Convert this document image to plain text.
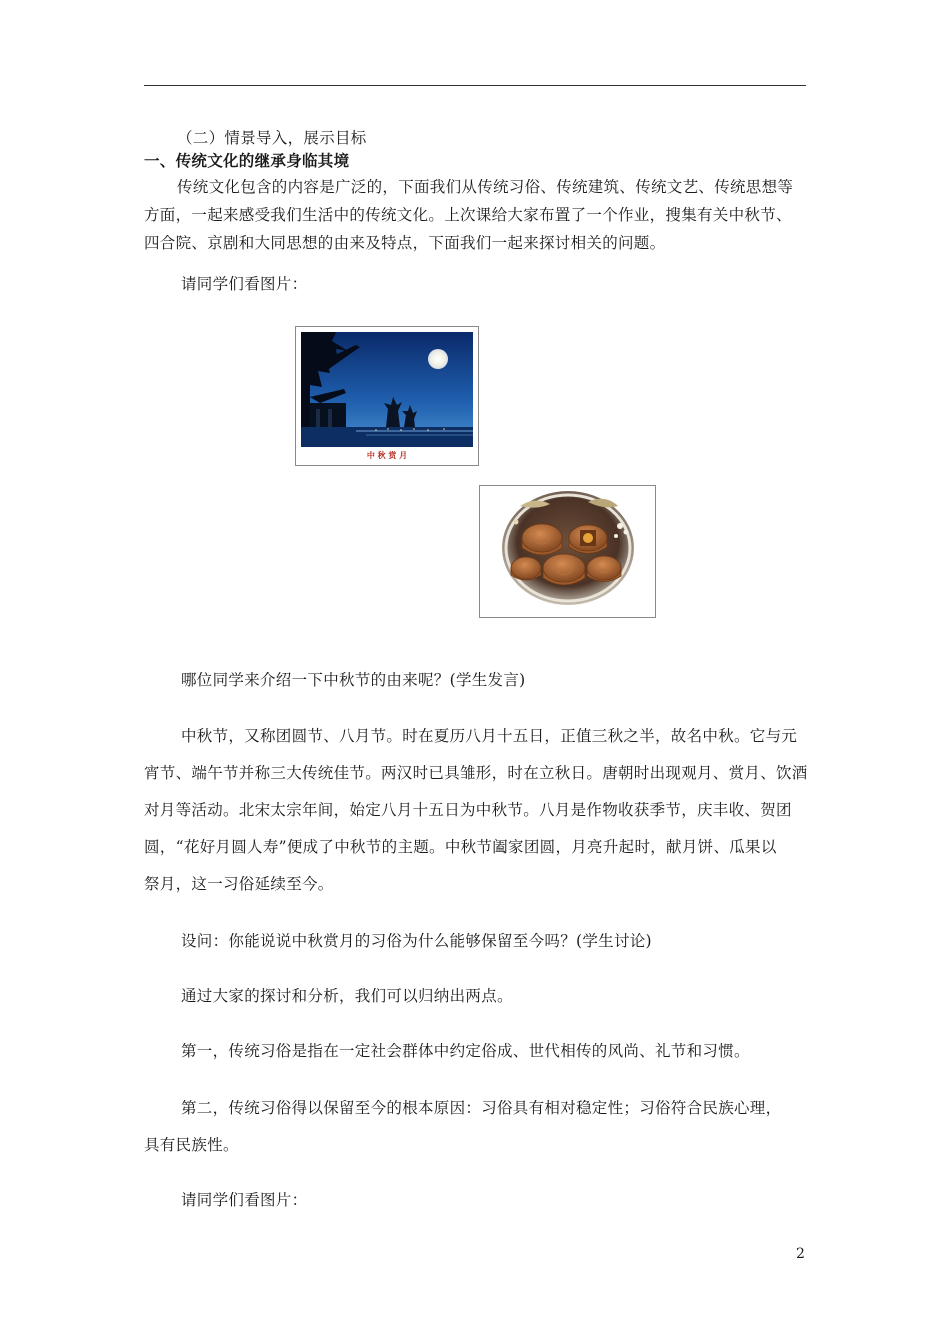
（二）情景导入，展示目标
一、传统文化的继承身临其境
传统文化包含的内容是广泛的，下面我们从传统习俗、传统建筑、传统文艺、传统思想等
方面，一起来感受我们生活中的传统文化。上次课给大家布置了一个作业，搜集有关中秋节、
四合院、京剧和大同思想的由来及特点，下面我们一起来探讨相关的问题。
请同学们看图片：
中 秋 赏 月
哪位同学来介绍一下中秋节的由来呢？(学生发言)
中秋节，又称团圆节、八月节。时在夏历八月十五日，正值三秋之半，故名中秋。它与元
宵节、端午节并称三大传统佳节。两汉时已具雏形，时在立秋日。唐朝时出现观月、赏月、饮酒
对月等活动。北宋太宗年间，始定八月十五日为中秋节。八月是作物收获季节，庆丰收、贺团
圆，“花好月圆人寿”便成了中秋节的主题。中秋节阖家团圆，月亮升起时，献月饼、瓜果以
祭月，这一习俗延续至今。
设问：你能说说中秋赏月的习俗为什么能够保留至今吗？(学生讨论)
通过大家的探讨和分析，我们可以归纳出两点。
第一，传统习俗是指在一定社会群体中约定俗成、世代相传的风尚、礼节和习惯。
第二，传统习俗得以保留至今的根本原因：习俗具有相对稳定性；习俗符合民族心理，
具有民族性。
请同学们看图片：
2
